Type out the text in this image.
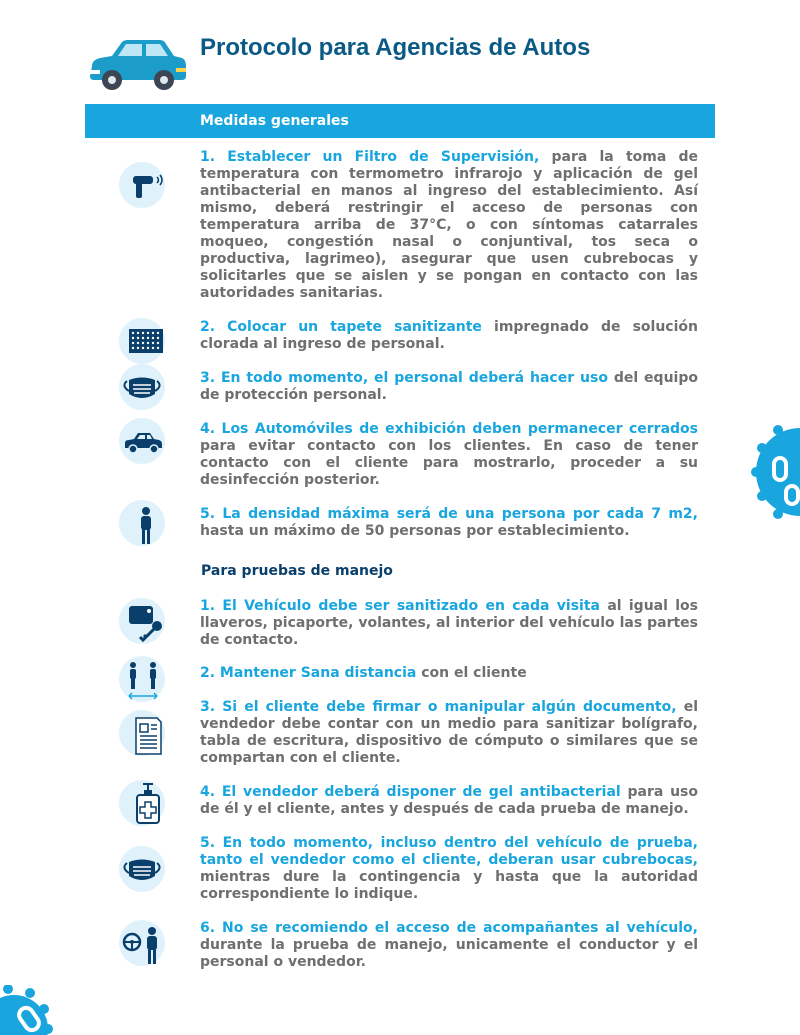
Protocolo para Agencias de Autos
Medidas generales

1. Establecer un Filtro de Supervisión, para la toma de temperatura con termometro infrarojo y aplicación de gel antibacterial en manos al ingreso del establecimiento. Así mismo, deberá restringir el acceso de personas con temperatura arriba de 37°C, o con síntomas catarrales moqueo, congestión nasal o conjuntival, tos seca o productiva, lagrimeo), asegurar que usen cubrebocas y solicitarles que se aislen y se pongan en contacto con las autoridades sanitarias.

2. Colocar un tapete sanitizante impregnado de solución clorada al ingreso de personal.

3. En todo momento, el personal deberá hacer uso del equipo de protección personal.

4. Los Automóviles de exhibición deben permanecer cerrados para evitar contacto con los clientes. En caso de tener contacto con el cliente para mostrarlo, proceder a su desinfección posterior.

5. La densidad máxima será de una persona por cada 7 m2, hasta un máximo de 50 personas por establecimiento.

Para pruebas de manejo

1. El Vehículo debe ser sanitizado en cada visita al igual los llaveros, picaporte, volantes, al interior del vehículo las partes de contacto.

2. Mantener Sana distancia con el cliente

3. Si el cliente debe firmar o manipular algún documento, el vendedor debe contar con un medio para sanitizar bolígrafo, tabla de escritura, dispositivo de cómputo o similares que se compartan con el cliente.

4. El vendedor deberá disponer de gel antibacterial para uso de él y el cliente, antes y después de cada prueba de manejo.

5. En todo momento, incluso dentro del vehículo de prueba, tanto el vendedor como el cliente, deberan usar cubrebocas, mientras dure la contingencia y hasta que la autoridad correspondiente lo indique.

6. No se recomiendo el acceso de acompañantes al vehículo, durante la prueba de manejo, unicamente el conductor y el personal o vendedor.
